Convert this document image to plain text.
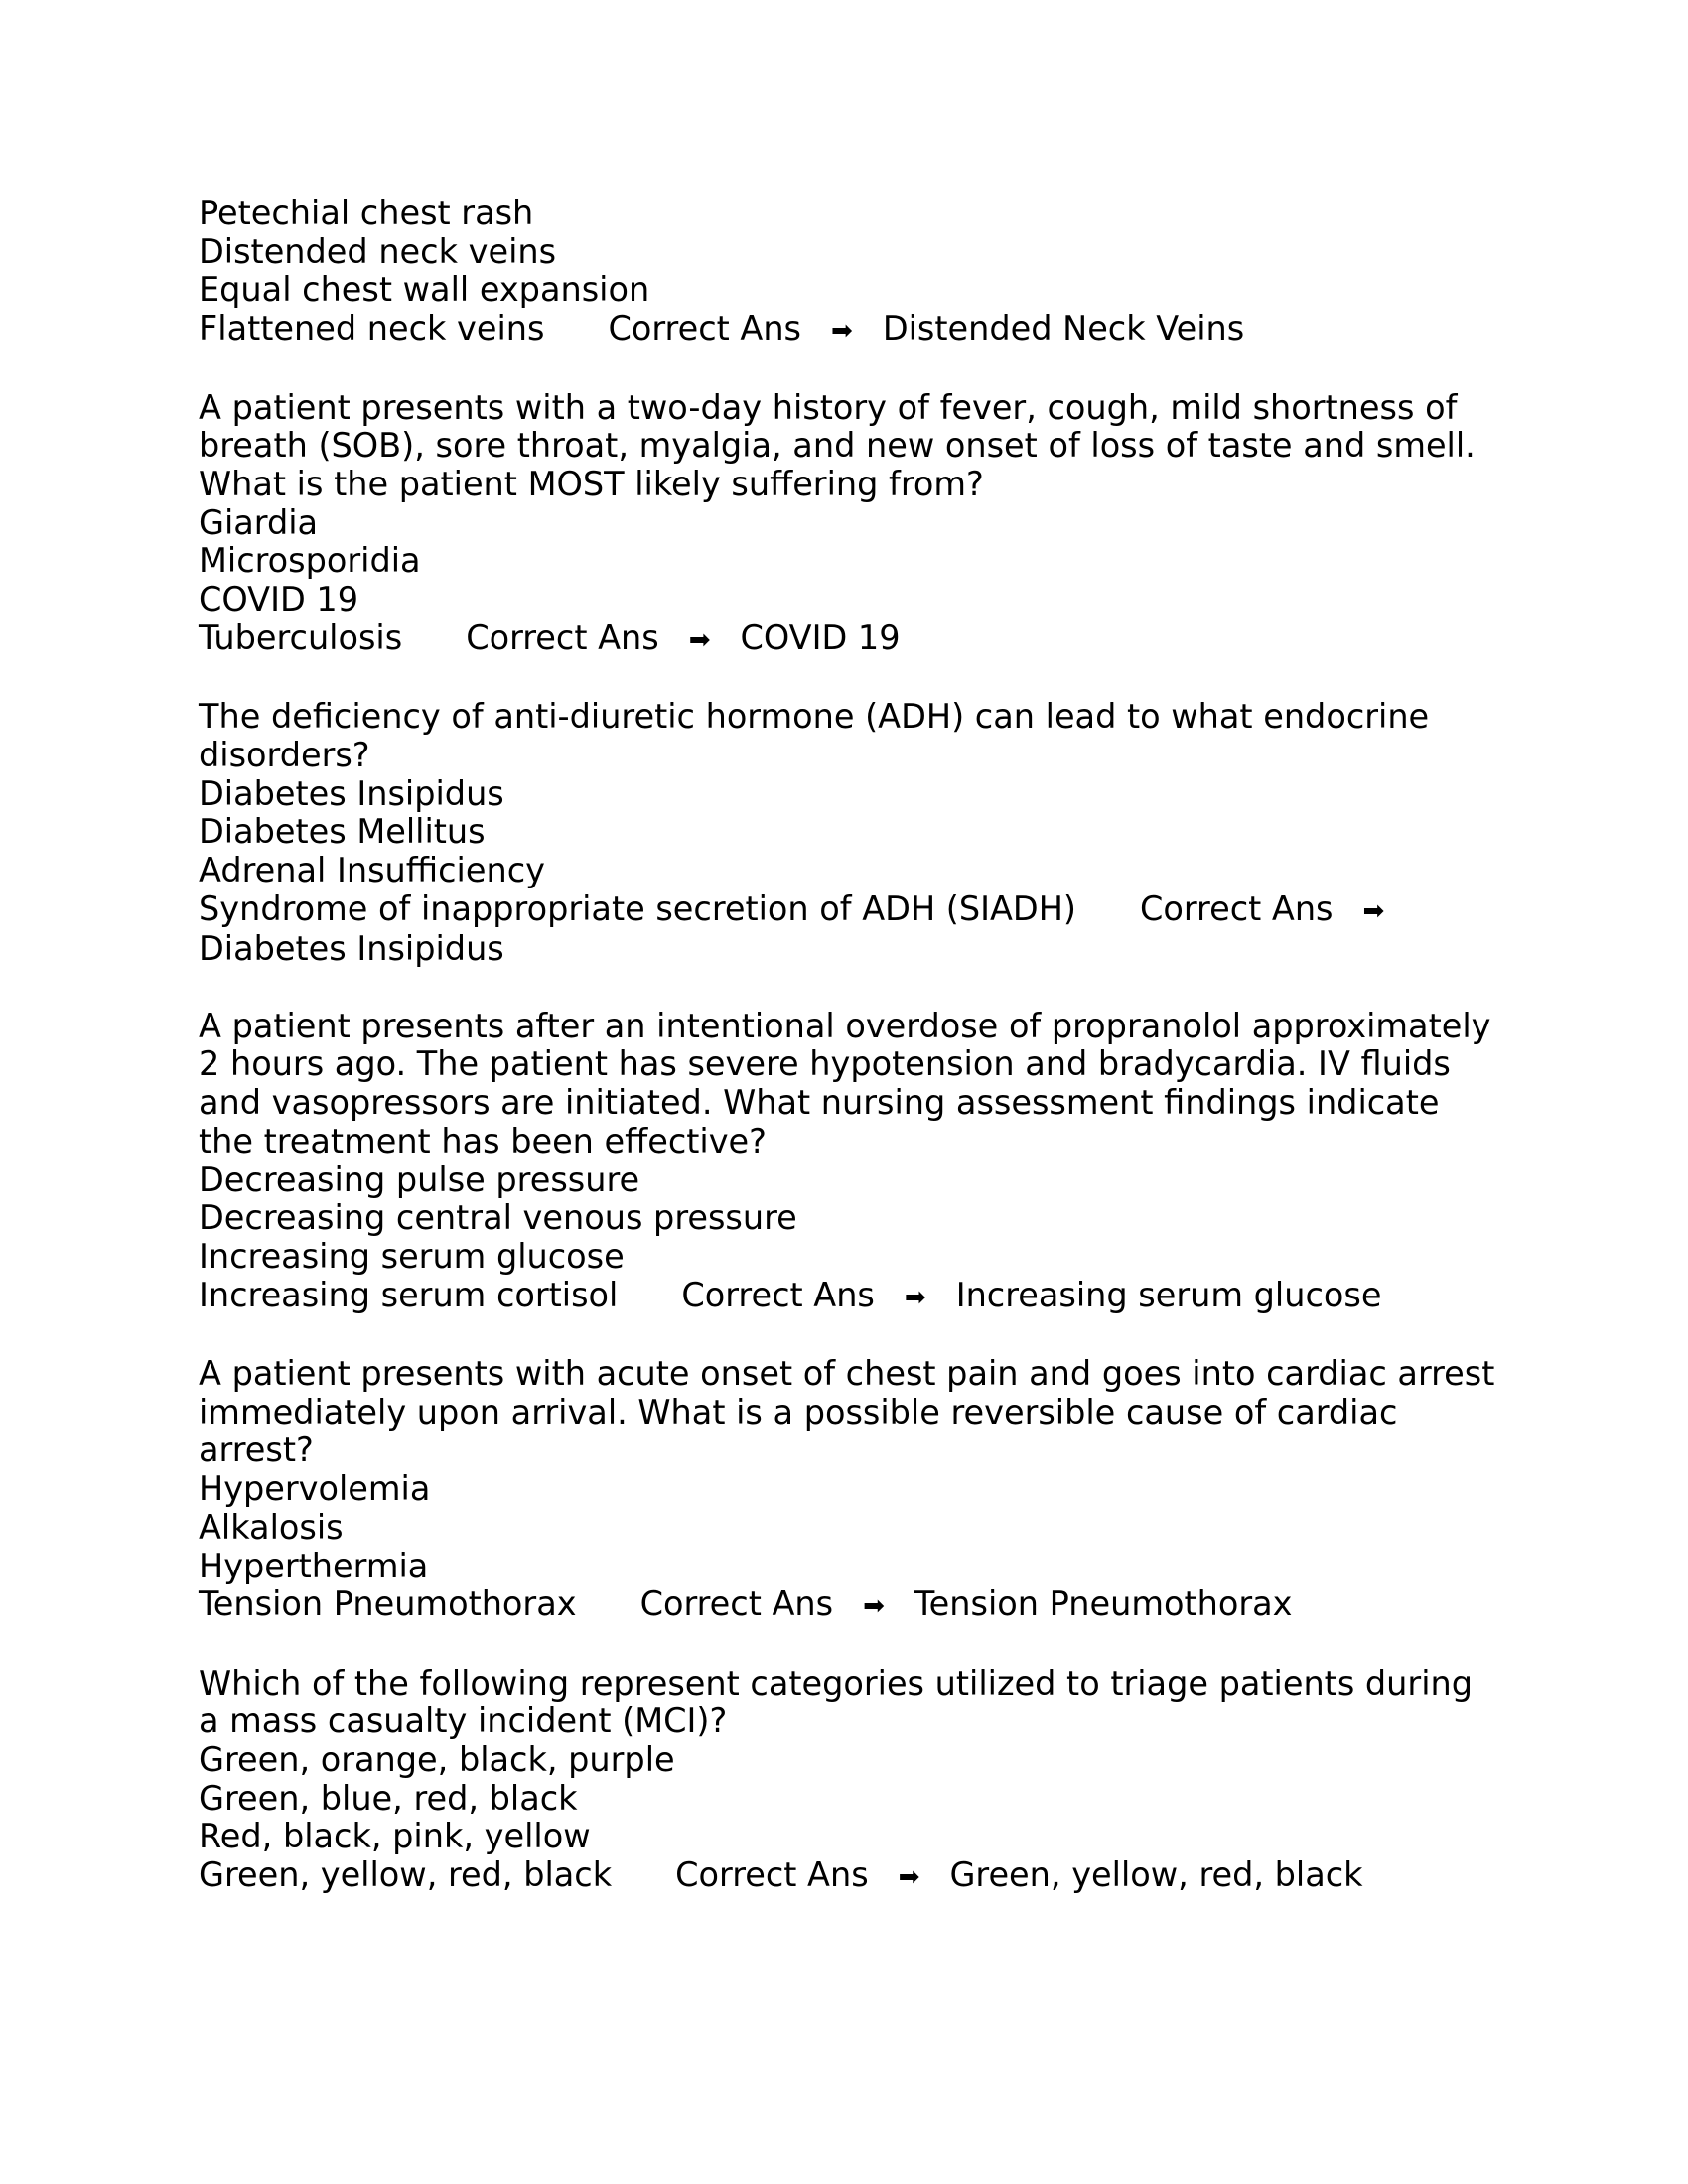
Petechial chest rash
Distended neck veins
Equal chest wall expansion
Flattened neck veins Correct Ans ➡ Distended Neck Veins
A patient presents with a two-day history of fever, cough, mild shortness of
breath (SOB), sore throat, myalgia, and new onset of loss of taste and smell.
What is the patient MOST likely suffering from?
Giardia
Microsporidia
COVID 19
Tuberculosis Correct Ans ➡ COVID 19
The deficiency of anti-diuretic hormone (ADH) can lead to what endocrine
disorders?
Diabetes Insipidus
Diabetes Mellitus
Adrenal Insufficiency
Syndrome of inappropriate secretion of ADH (SIADH) Correct Ans ➡Diabetes Insipidus
A patient presents after an intentional overdose of propranolol approximately
2 hours ago. The patient has severe hypotension and bradycardia. IV fluids
and vasopressors are initiated. What nursing assessment findings indicate
the treatment has been effective?
Decreasing pulse pressure
Decreasing central venous pressure
Increasing serum glucose
Increasing serum cortisol Correct Ans ➡ Increasing serum glucose
A patient presents with acute onset of chest pain and goes into cardiac arrest
immediately upon arrival. What is a possible reversible cause of cardiac
arrest?
Hypervolemia
Alkalosis
Hyperthermia
Tension Pneumothorax Correct Ans ➡ Tension Pneumothorax
Which of the following represent categories utilized to triage patients during
a mass casualty incident (MCI)?
Green, orange, black, purple
Green, blue, red, black
Red, black, pink, yellow
Green, yellow, red, black Correct Ans ➡ Green, yellow, red, black
